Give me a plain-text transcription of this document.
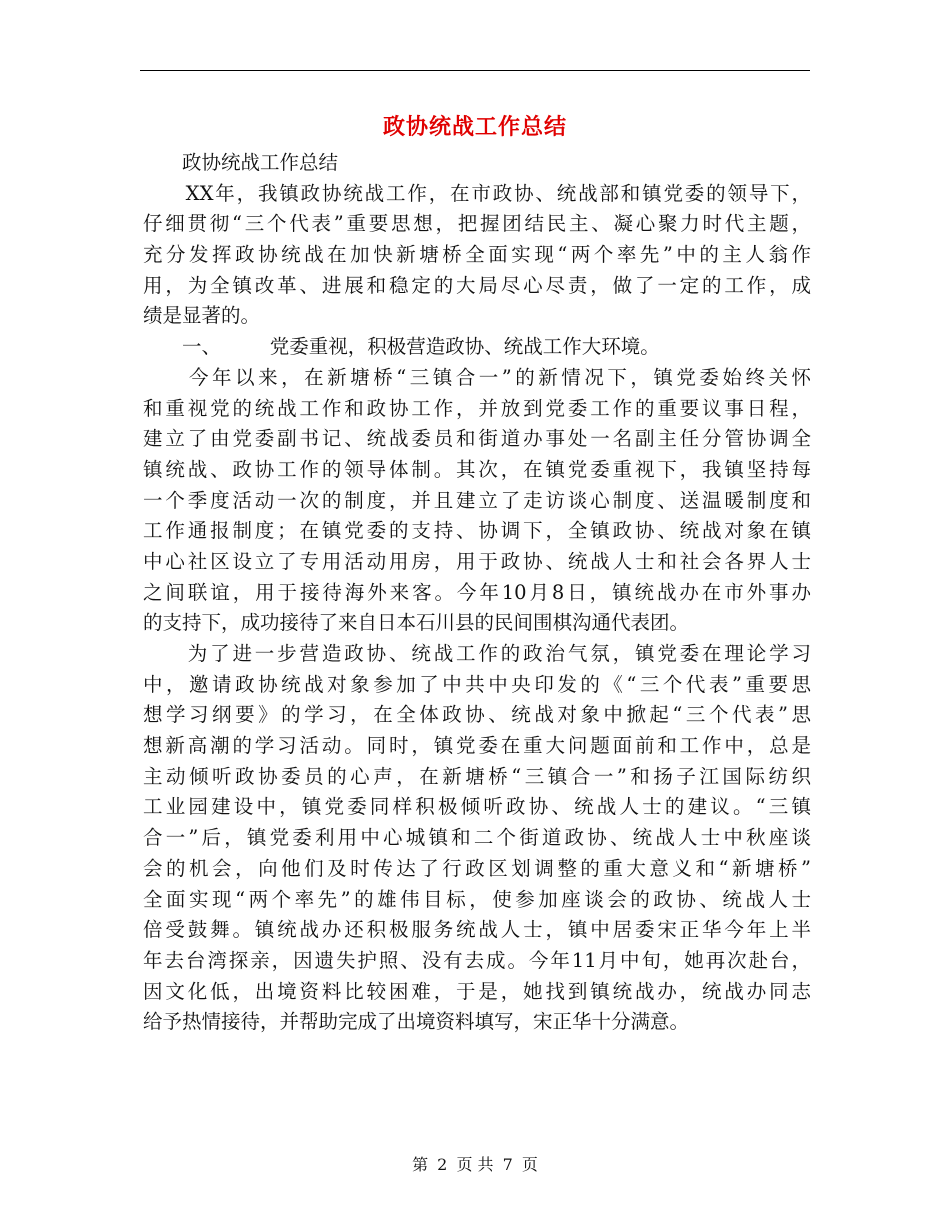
政协统战工作总结
　　政协统战工作总结
　　XX年，我镇政协统战工作，在市政协、统战部和镇党委的领导下，
仔细贯彻“三个代表”重要思想，把握团结民主、凝心聚力时代主题，
充分发挥政协统战在加快新塘桥全面实现“两个率先”中的主人翁作
用，为全镇改革、进展和稳定的大局尽心尽责，做了一定的工作，成
绩是显著的。
　　一、　　　党委重视，积极营造政协、统战工作大环境。
　　今年以来，在新塘桥“三镇合一”的新情况下，镇党委始终关怀
和重视党的统战工作和政协工作，并放到党委工作的重要议事日程，
建立了由党委副书记、统战委员和街道办事处一名副主任分管协调全
镇统战、政协工作的领导体制。其次，在镇党委重视下，我镇坚持每
一个季度活动一次的制度，并且建立了走访谈心制度、送温暖制度和
工作通报制度；在镇党委的支持、协调下，全镇政协、统战对象在镇
中心社区设立了专用活动用房，用于政协、统战人士和社会各界人士
之间联谊，用于接待海外来客。今年10月8日，镇统战办在市外事办
的支持下，成功接待了来自日本石川县的民间围棋沟通代表团。
　　为了进一步营造政协、统战工作的政治气氛，镇党委在理论学习
中，邀请政协统战对象参加了中共中央印发的《“三个代表”重要思
想学习纲要》的学习，在全体政协、统战对象中掀起“三个代表”思
想新高潮的学习活动。同时，镇党委在重大问题面前和工作中，总是
主动倾听政协委员的心声，在新塘桥“三镇合一”和扬子江国际纺织
工业园建设中，镇党委同样积极倾听政协、统战人士的建议。“三镇
合一”后，镇党委利用中心城镇和二个街道政协、统战人士中秋座谈
会的机会，向他们及时传达了行政区划调整的重大意义和“新塘桥”
全面实现“两个率先”的雄伟目标，使参加座谈会的政协、统战人士
倍受鼓舞。镇统战办还积极服务统战人士，镇中居委宋正华今年上半
年去台湾探亲，因遗失护照、没有去成。今年11月中旬，她再次赴台，
因文化低，出境资料比较困难，于是，她找到镇统战办，统战办同志
给予热情接待，并帮助完成了出境资料填写，宋正华十分满意。
第 2 页 共 7 页
